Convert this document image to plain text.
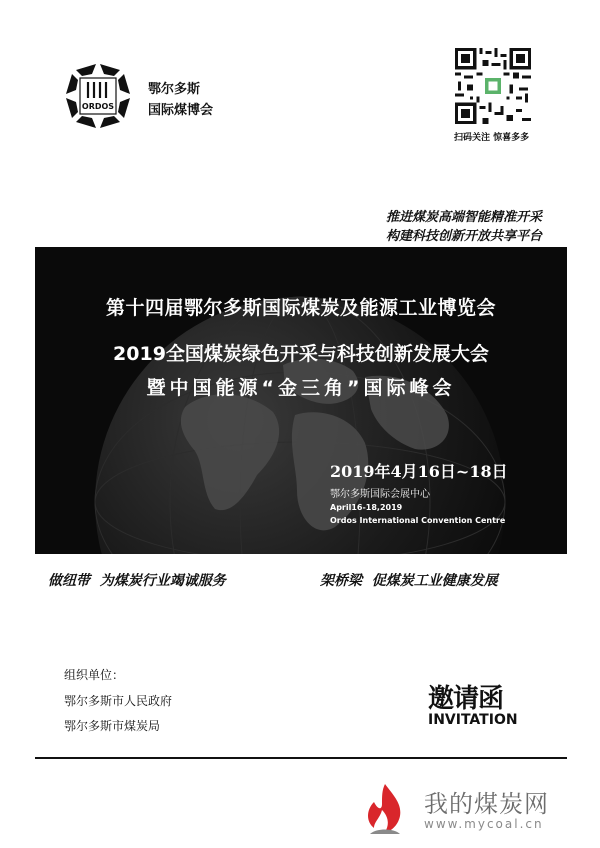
ORDOS
鄂尔多斯
国际煤博会
扫码关注 惊喜多多
推进煤炭高端智能精准开采
构建科技创新开放共享平台
第十四届鄂尔多斯国际煤炭及能源工业博览会
2019全国煤炭绿色开采与科技创新发展大会
暨中国能源“金三角”国际峰会
2019年4月16日~18日
鄂尔多斯国际会展中心
April16-18,2019
Ordos International Convention Centre
做纽带  为煤炭行业竭诚服务	架桥梁  促煤炭工业健康发展
组织单位：
鄂尔多斯市人民政府
鄂尔多斯市煤炭局
邀请函
INVITATION
我的煤炭网
www.mycoal.cn
